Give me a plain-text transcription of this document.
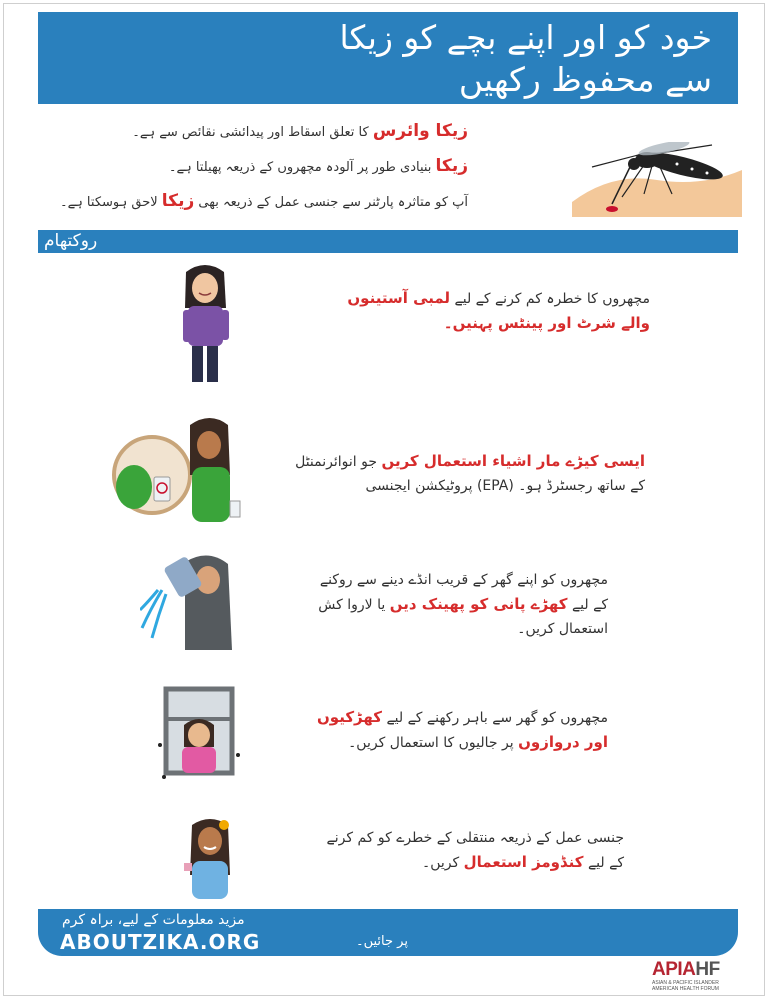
خود کو اور اپنے بچے کو زیکا
سے محفوظ رکھیں
زیکا وائرس کا تعلق اسقاط اور پیدائشی نقائص سے ہے۔
زیکا بنیادی طور پر آلودہ مچھروں کے ذریعہ پھیلتا ہے۔
آپ کو متاثرہ پارٹنر سے جنسی عمل کے ذریعہ بھی زیکا لاحق ہوسکتا ہے۔
روکتھام
مچھروں کا خطرہ کم کرنے کے لیے لمبی آستینوں
والے شرٹ اور پینٹس پہنیں۔
ایسی کیڑے مار اشیاء استعمال کریں جو انوائرنمنٹل
کے ساتھ رجسٹرڈ ہو۔ (EPA) پروٹیکشن ایجنسی
مچھروں کو اپنے گھر کے قریب انڈے دینے سے روکنے
کے لیے کھڑے پانی کو پھینک دیں یا لاروا کش
استعمال کریں۔
مچھروں کو گھر سے باہر رکھنے کے لیے کھڑکیوں
اور دروازوں پر جالیوں کا استعمال کریں۔
جنسی عمل کے ذریعہ منتقلی کے خطرے کو کم کرنے
کے لیے کنڈومز استعمال کریں۔
مزید معلومات کے لیے، براہ کرم
ABOUTZIKA.ORG	پر جائیں۔
APIAHF
ASIAN & PACIFIC ISLANDER
AMERICAN HEALTH FORUM
